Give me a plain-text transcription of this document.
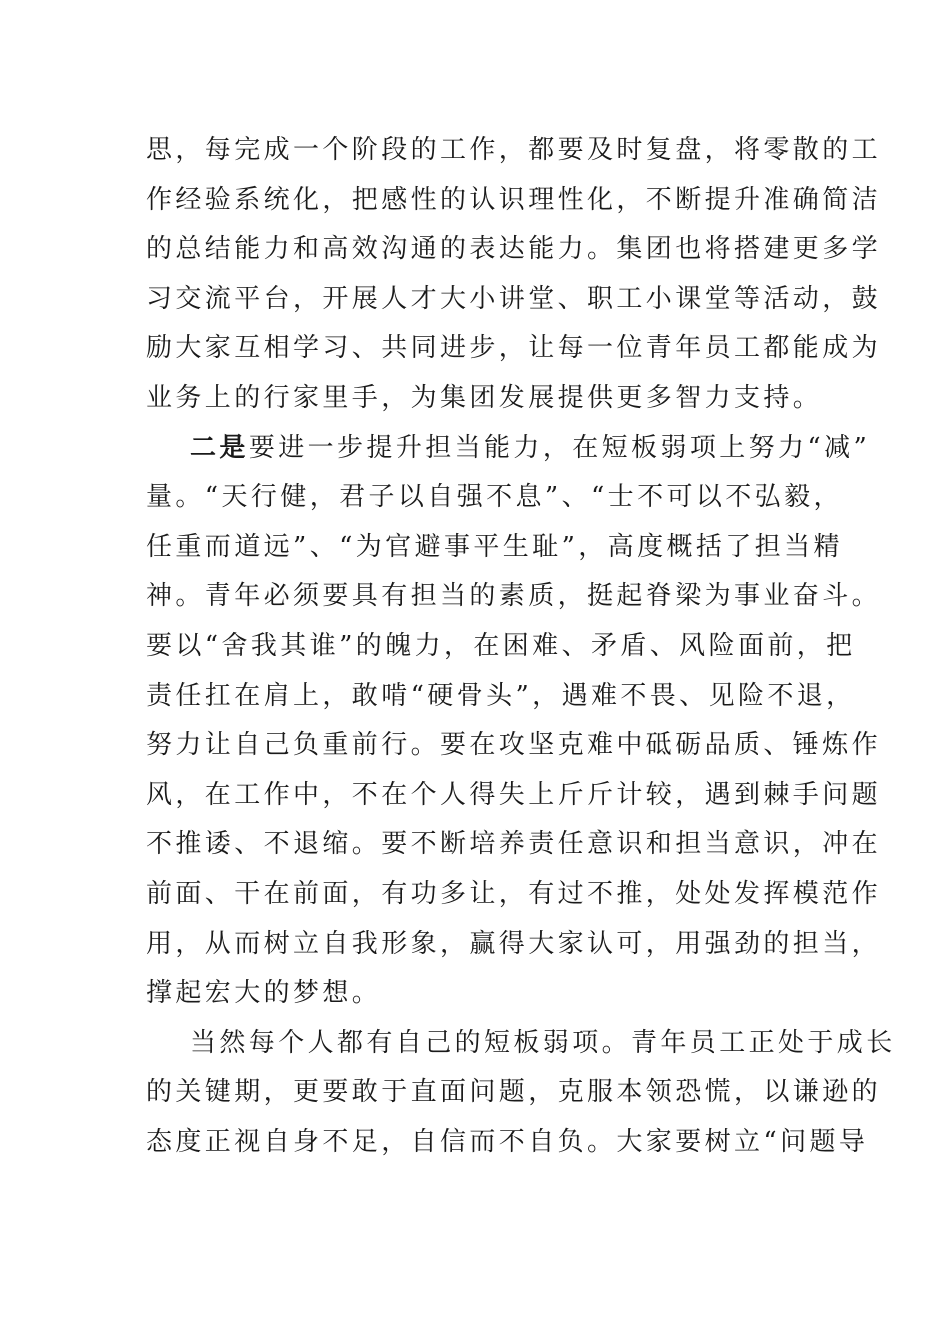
思，每完成一个阶段的工作，都要及时复盘，将零散的工
作经验系统化，把感性的认识理性化，不断提升准确简洁
的总结能力和高效沟通的表达能力。集团也将搭建更多学
习交流平台，开展人才大小讲堂、职工小课堂等活动，鼓
励大家互相学习、共同进步，让每一位青年员工都能成为
业务上的行家里手，为集团发展提供更多智力支持。
二是要进一步提升担当能力，在短板弱项上努力“减”
量。“天行健，君子以自强不息”、“士不可以不弘毅，
任重而道远”、“为官避事平生耻”，高度概括了担当精
神。青年必须要具有担当的素质，挺起脊梁为事业奋斗。
要以“舍我其谁”的魄力，在困难、矛盾、风险面前，把
责任扛在肩上，敢啃“硬骨头”，遇难不畏、见险不退，
努力让自己负重前行。要在攻坚克难中砥砺品质、锤炼作
风，在工作中，不在个人得失上斤斤计较，遇到棘手问题
不推诿、不退缩。要不断培养责任意识和担当意识，冲在
前面、干在前面，有功多让，有过不推，处处发挥模范作
用，从而树立自我形象，赢得大家认可，用强劲的担当，
撑起宏大的梦想。
当然每个人都有自己的短板弱项。青年员工正处于成长
的关键期，更要敢于直面问题，克服本领恐慌，以谦逊的
态度正视自身不足，自信而不自负。大家要树立“问题导
